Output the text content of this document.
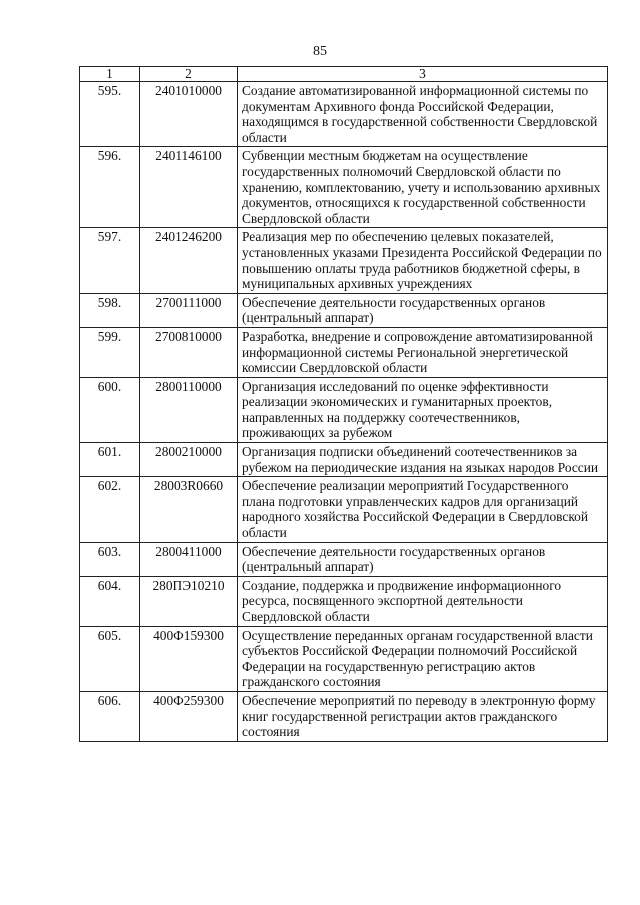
85
1	2	3
595.	2401010000	Создание автоматизированной информационной системы по документам Архивного фонда Российской Федерации, находящимся в государственной собственности Свердловской области
596.	2401146100	Субвенции местным бюджетам на осуществление государственных полномочий Свердловской области по хранению, комплектованию, учету и использованию архивных документов, относящихся к государственной собственности Свердловской области
597.	2401246200	Реализация мер по обеспечению целевых показателей, установленных указами Президента Российской Федерации по повышению оплаты труда работников бюджетной сферы, в муниципальных архивных учреждениях
598.	2700111000	Обеспечение деятельности государственных органов (центральный аппарат)
599.	2700810000	Разработка, внедрение и сопровождение автоматизированной информационной системы Региональной энергетической комиссии Свердловской области
600.	2800110000	Организация исследований по оценке эффективности реализации экономических и гуманитарных проектов, направленных на поддержку соотечественников, проживающих за рубежом
601.	2800210000	Организация подписки объединений соотечественников за рубежом на периодические издания на языках народов России
602.	28003R0660	Обеспечение реализации мероприятий Государственного плана подготовки управленческих кадров для организаций народного хозяйства Российской Федерации в Свердловской области
603.	2800411000	Обеспечение деятельности государственных органов (центральный аппарат)
604.	280ПЭ10210	Создание, поддержка и продвижение информационного ресурса, посвященного экспортной деятельности Свердловской области
605.	400Ф159300	Осуществление переданных органам государственной власти субъектов Российской Федерации полномочий Российской Федерации на государственную регистрацию актов гражданского состояния
606.	400Ф259300	Обеспечение мероприятий по переводу в электронную форму книг государственной регистрации актов гражданского состояния
